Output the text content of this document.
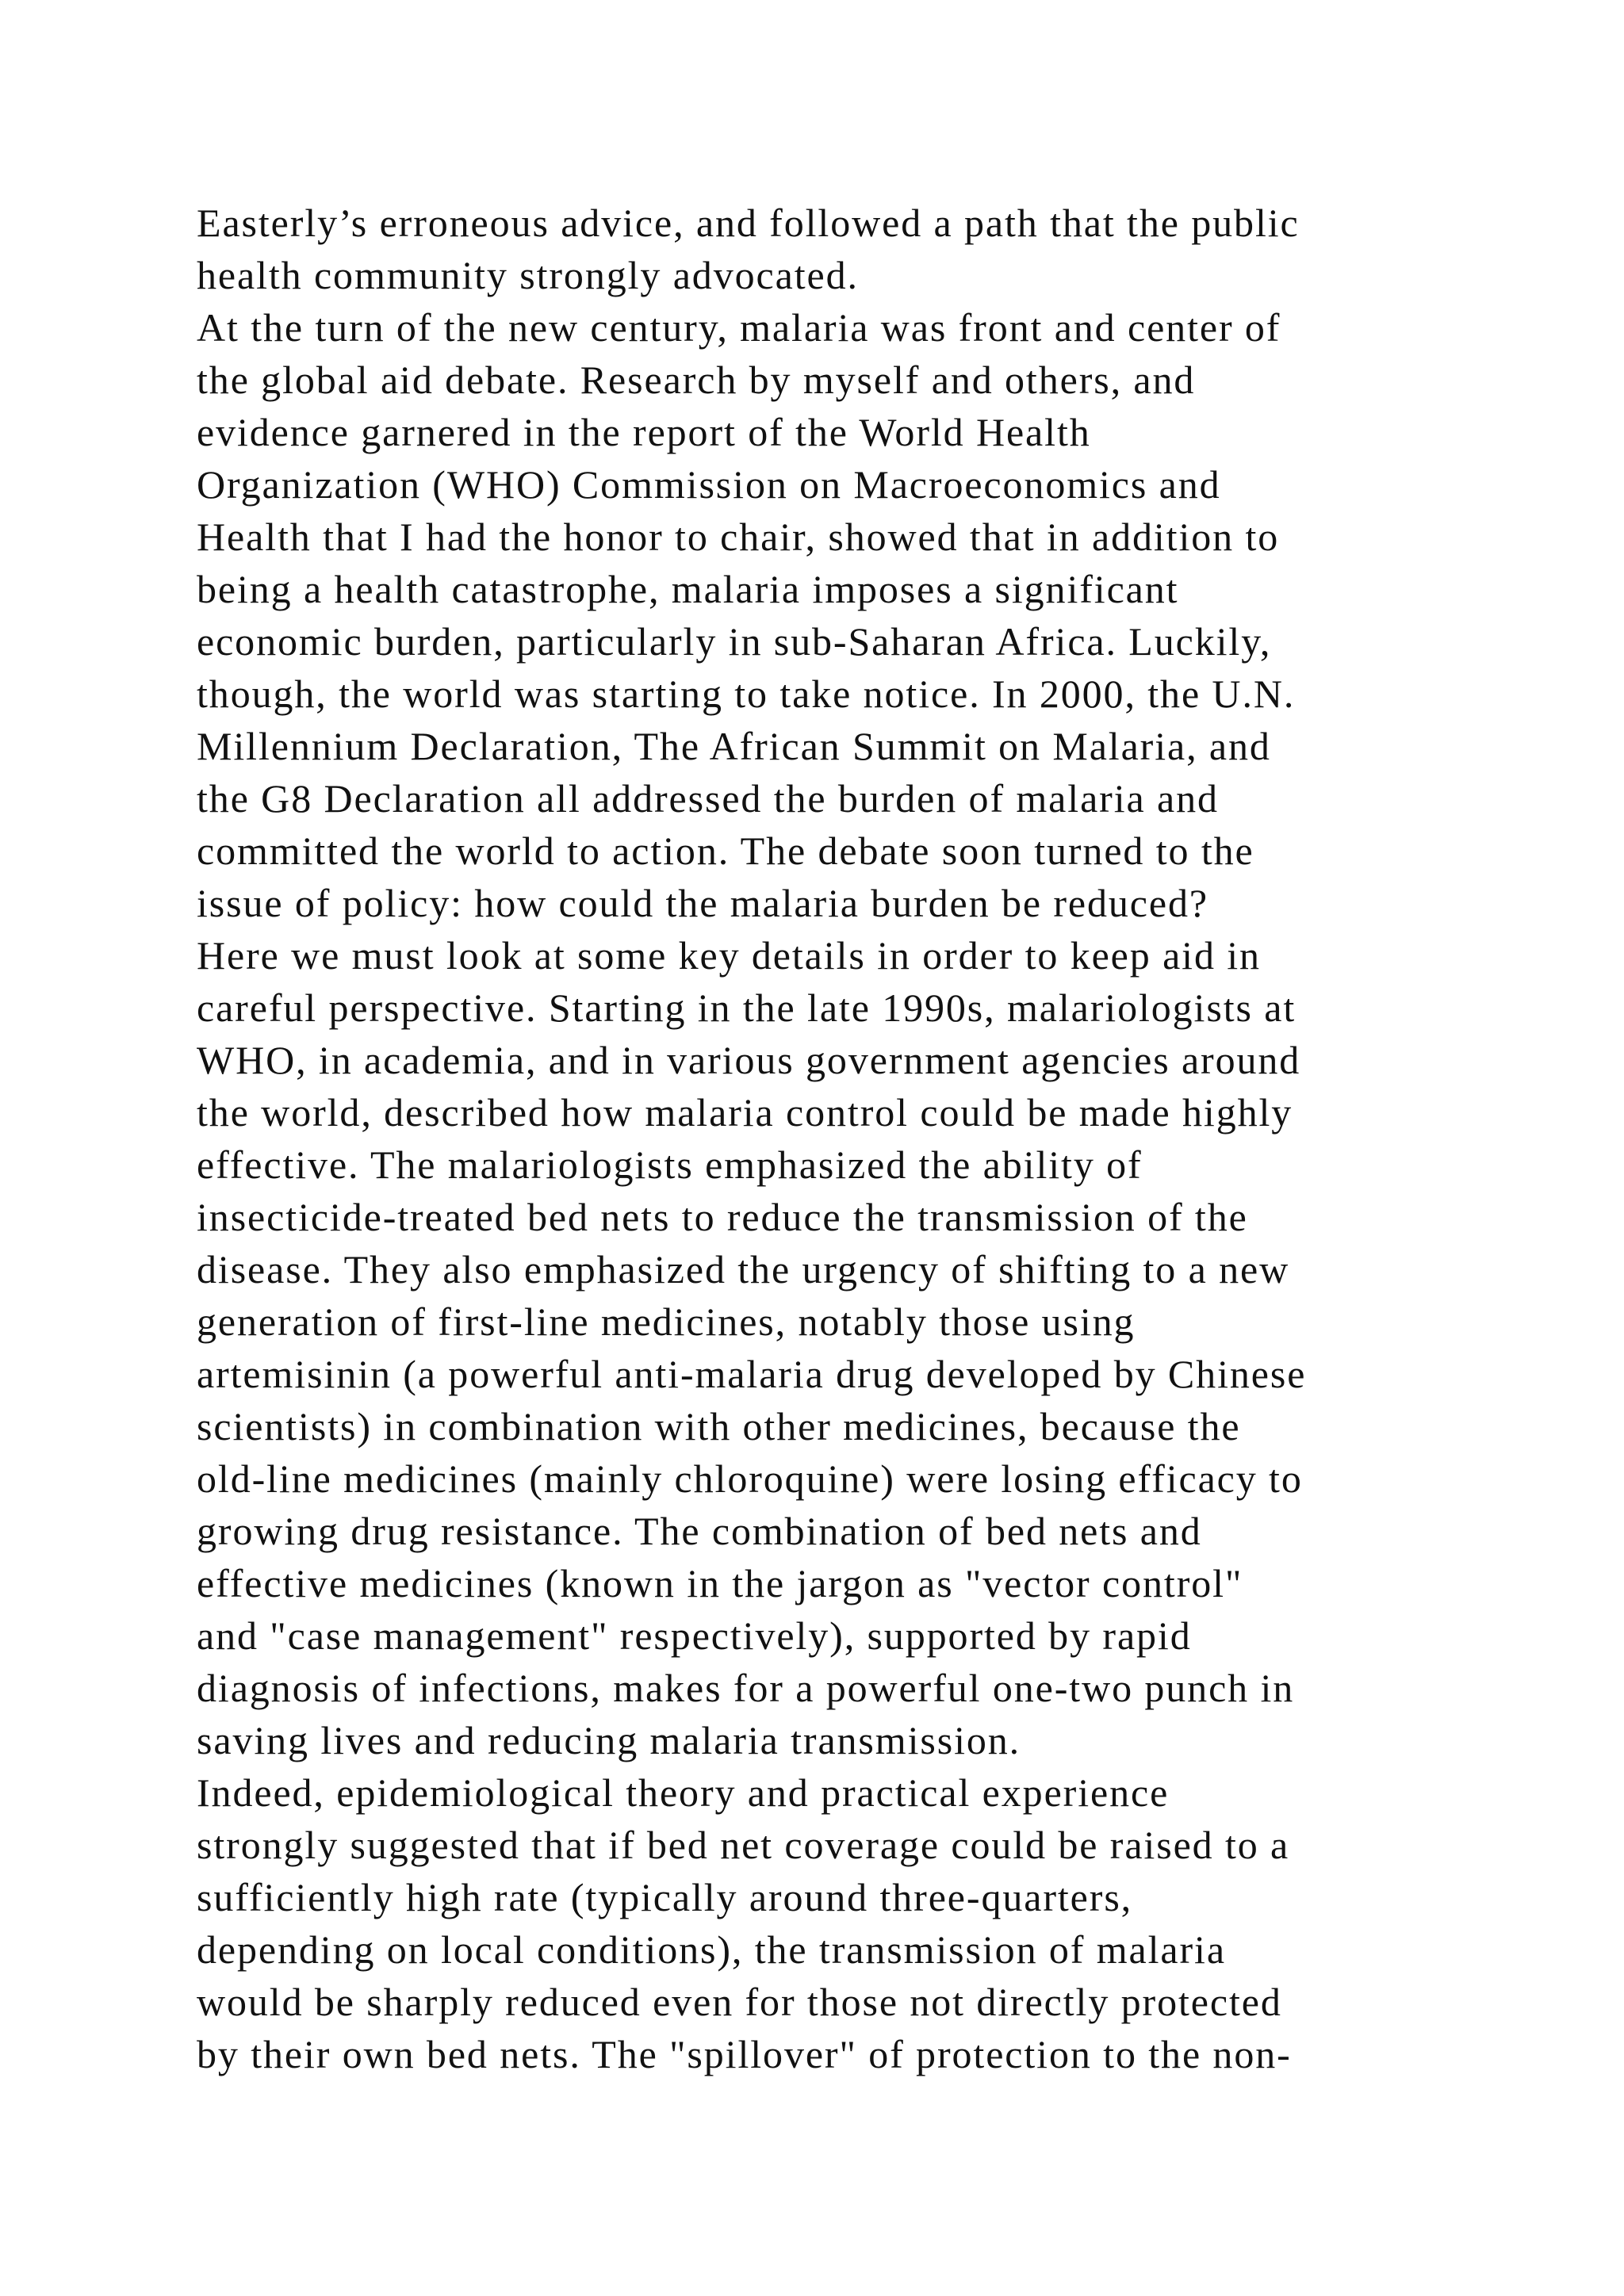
Easterly’s erroneous advice, and followed a path that the public
health community strongly advocated.
At the turn of the new century, malaria was front and center of
the global aid debate. Research by myself and others, and
evidence garnered in the report of the World Health
Organization (WHO) Commission on Macroeconomics and
Health that I had the honor to chair, showed that in addition to
being a health catastrophe, malaria imposes a significant
economic burden, particularly in sub-Saharan Africa. Luckily,
though, the world was starting to take notice. In 2000, the U.N.
Millennium Declaration, The African Summit on Malaria, and
the G8 Declaration all addressed the burden of malaria and
committed the world to action. The debate soon turned to the
issue of policy: how could the malaria burden be reduced?
Here we must look at some key details in order to keep aid in
careful perspective. Starting in the late 1990s, malariologists at
WHO, in academia, and in various government agencies around
the world, described how malaria control could be made highly
effective. The malariologists emphasized the ability of
insecticide-treated bed nets to reduce the transmission of the
disease. They also emphasized the urgency of shifting to a new
generation of first-line medicines, notably those using
artemisinin (a powerful anti-malaria drug developed by Chinese
scientists) in combination with other medicines, because the
old-line medicines (mainly chloroquine) were losing efficacy to
growing drug resistance. The combination of bed nets and
effective medicines (known in the jargon as "vector control"
and "case management" respectively), supported by rapid
diagnosis of infections, makes for a powerful one-two punch in
saving lives and reducing malaria transmission.
Indeed, epidemiological theory and practical experience
strongly suggested that if bed net coverage could be raised to a
sufficiently high rate (typically around three-quarters,
depending on local conditions), the transmission of malaria
would be sharply reduced even for those not directly protected
by their own bed nets. The "spillover" of protection to the non-
